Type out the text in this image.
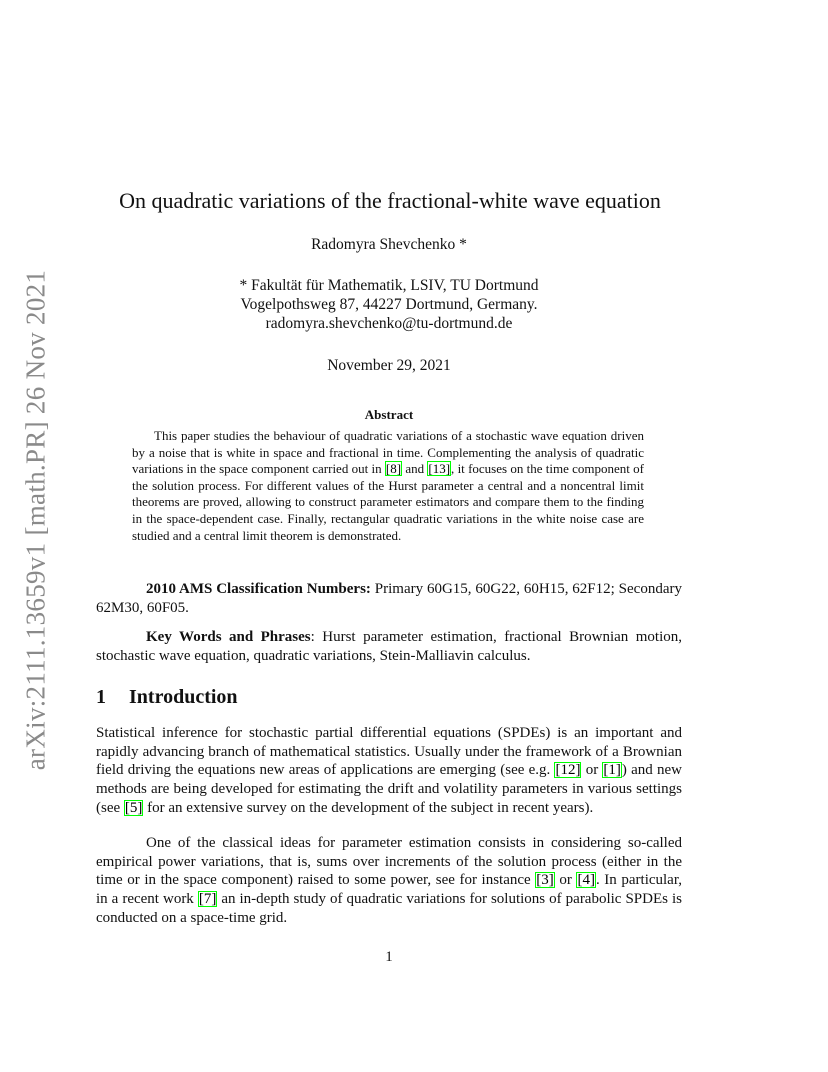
arXiv:2111.13659v1 [math.PR] 26 Nov 2021
On quadratic variations of the fractional-white wave equation
Radomyra Shevchenko *
* Fakultät für Mathematik, LSIV, TU Dortmund
Vogelpothsweg 87, 44227 Dortmund, Germany.
radomyra.shevchenko@tu-dortmund.de
November 29, 2021
Abstract
This paper studies the behaviour of quadratic variations of a stochastic wave equation driven by a noise that is white in space and fractional in time. Complementing the analysis of quadratic variations in the space component carried out in [8] and [13], it focuses on the time component of the solution process. For different values of the Hurst parameter a central and a noncentral limit theorems are proved, allowing to construct parameter estimators and compare them to the finding in the space-dependent case. Finally, rectangular quadratic variations in the white noise case are studied and a central limit theorem is demonstrated.
2010 AMS Classification Numbers: Primary 60G15, 60G22, 60H15, 62F12; Secondary 62M30, 60F05.
Key Words and Phrases: Hurst parameter estimation, fractional Brownian motion, stochastic wave equation, quadratic variations, Stein-Malliavin calculus.
1 Introduction
Statistical inference for stochastic partial differential equations (SPDEs) is an important and rapidly advancing branch of mathematical statistics. Usually under the framework of a Brownian field driving the equations new areas of applications are emerging (see e.g. [12] or [1]) and new methods are being developed for estimating the drift and volatility parameters in various settings (see [5] for an extensive survey on the development of the subject in recent years).
One of the classical ideas for parameter estimation consists in considering so-called empirical power variations, that is, sums over increments of the solution process (either in the time or in the space component) raised to some power, see for instance [3] or [4]. In particular, in a recent work [7] an in-depth study of quadratic variations for solutions of parabolic SPDEs is conducted on a space-time grid.
1
